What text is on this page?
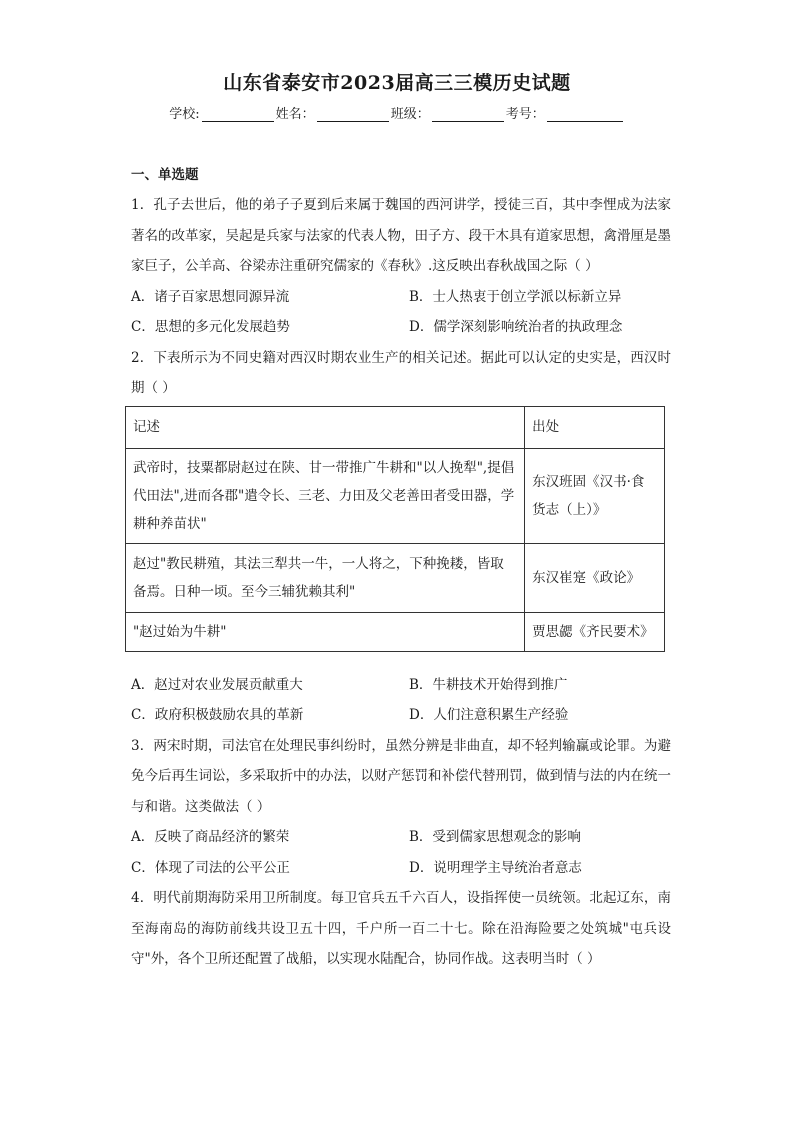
山东省泰安市2023届高三三模历史试题
学校:	姓名：	班级：	考号：
一、单选题
1．孔子去世后，他的弟子子夏到后来属于魏国的西河讲学，授徒三百，其中李悝成为法家著名的改革家，吴起是兵家与法家的代表人物，田子方、段干木具有道家思想，禽滑厘是墨家巨子，公羊高、谷梁赤注重研究儒家的《春秋》.这反映出春秋战国之际（ ）
A．诸子百家思想同源异流	B．士人热衷于创立学派以标新立异
C．思想的多元化发展趋势	D．儒学深刻影响统治者的执政理念
2．下表所示为不同史籍对西汉时期农业生产的相关记述。据此可以认定的史实是，西汉时期（ ）
记述	出处
武帝时，技粟都尉赵过在陕、甘一带推广牛耕和"以人挽犁",提倡代田法",进而各郡"遣令长、三老、力田及父老善田者受田器，学耕种养苗状"	东汉班固《汉书·食货志（上）》
赵过"教民耕殖，其法三犁共一牛，一人将之，下种挽耧，皆取备焉。日种一顷。至今三辅犹赖其利"	东汉崔寔《政论》
"赵过始为牛耕"	贾思勰《齐民要术》
A．赵过对农业发展贡献重大	B．牛耕技术开始得到推广
C．政府积极鼓励农具的革新	D．人们注意积累生产经验
3．两宋时期，司法官在处理民事纠纷时，虽然分辨是非曲直，却不轻判输赢或论罪。为避免今后再生词讼，多采取折中的办法，以财产惩罚和补偿代替刑罚，做到情与法的内在统一与和谐。这类做法（ ）
A．反映了商品经济的繁荣	B．受到儒家思想观念的影响
C．体现了司法的公平公正	D．说明理学主导统治者意志
4．明代前期海防采用卫所制度。每卫官兵五千六百人，设指挥使一员统领。北起辽东，南至海南岛的海防前线共设卫五十四，千户所一百二十七。除在沿海险要之处筑城"屯兵设守"外，各个卫所还配置了战船，以实现水陆配合，协同作战。这表明当时（ ）
